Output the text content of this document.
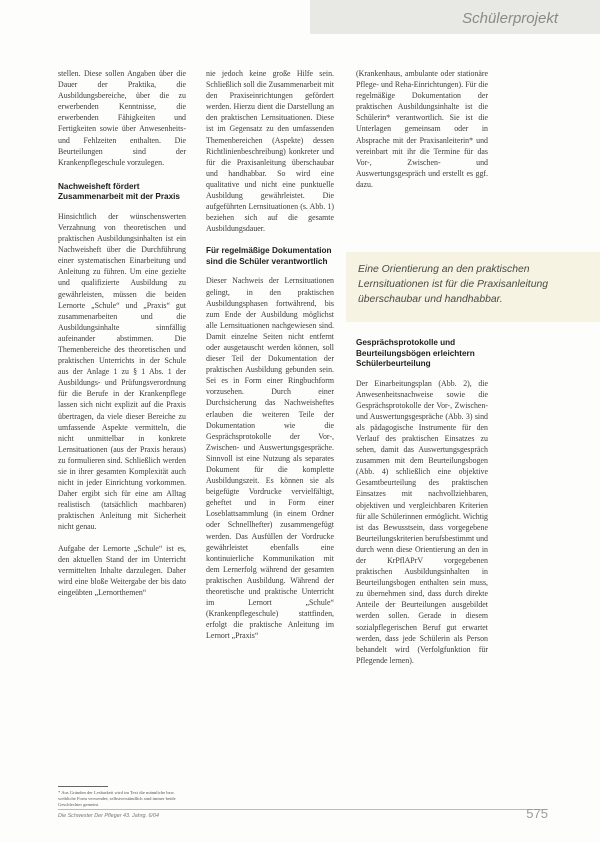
Schülerprojekt

stellen. Diese sollen Angaben über die Dauer der Praktika, die Ausbildungsbereiche, über die zu erwerbenden Kenntnisse, die erwerbenden Fähigkeiten und Fertigkeiten sowie über Anwesenheits- und Fehlzeiten enthalten. Die Beurteilungen sind der Krankenpflegeschule vorzulegen.

Nachweisheft fördert Zusammenarbeit mit der Praxis

Hinsichtlich der wünschenswerten Verzahnung von theoretischen und praktischen Ausbildungsinhalten ist ein Nachweisheft über die Durchführung einer systematischen Einarbeitung und Anleitung zu führen. Um eine gezielte und qualifizierte Ausbildung zu gewährleisten, müssen die beiden Lernorte „Schule“ und „Praxis“ gut zusammenarbeiten und die Ausbildungsinhalte sinnfällig aufeinander abstimmen. Die Themenbereiche des theoretischen und praktischen Unterrichts in der Schule aus der Anlage 1 zu § 1 Abs. 1 der Ausbildungs- und Prüfungsverordnung für die Berufe in der Krankenpflege lassen sich nicht explizit auf die Praxis übertragen, da viele dieser Bereiche zu umfassende Aspekte vermitteln, die nicht unmittelbar in konkrete Lernsituationen (aus der Praxis heraus) zu formulieren sind. Schließlich werden sie in ihrer gesamten Komplexität auch nicht in jeder Einrichtung vorkommen. Daher ergibt sich für eine am Alltag realistisch (tatsächlich machbaren) praktischen Anleitung mit Sicherheit nicht genau.

Aufgabe der Lernorte „Schule“ ist es, den aktuellen Stand der im Unterricht vermittelten Inhalte darzulegen. Daher wird eine bloße Weitergabe der bis dato eingeübten „Lernorthemen“

nie jedoch keine große Hilfe sein. Schließlich soll die Zusammenarbeit mit den Praxiseinrichtungen gefördert werden. Hierzu dient die Darstellung an den praktischen Lernsituationen. Diese ist im Gegensatz zu den umfassenden Themenbereichen (Aspekte) dessen Richtlinienbeschreibung) konkreter und für die Praxisanleitung überschaubar und handhabbar. So wird eine qualitative und nicht eine punktuelle Ausbildung gewährleistet. Die aufgeführten Lernsituationen (s. Abb. 1) beziehen sich auf die gesamte Ausbildungsdauer.

Für regelmäßige Dokumentation sind die Schüler verantwortlich

Dieser Nachweis der Lernsituationen gelingt, in den praktischen Ausbildungsphasen fortwährend, bis zum Ende der Ausbildung möglichst alle Lernsituationen nachgewiesen sind. Damit einzelne Seiten nicht entfernt oder ausgetauscht werden können, soll dieser Teil der Dokumentation der praktischen Ausbildung gebunden sein. Sei es in Form einer Ringbuchform vorzusehen. Durch einer Durchsicherung das Nachweisheftes erlauben die weiteren Teile der Dokumentation wie die Gesprächsprotokolle der Vor-, Zwischen- und Auswertungsgespräche. Sinnvoll ist eine Nutzung als separates Dokument für die komplette Ausbildungszeit. Es können sie als beigefügte Vordrucke vervielfältigt, geheftet und in Form einer Loseblattsammlung (in einem Ordner oder Schnellhefter) zusammengefügt werden. Das Ausfüllen der Vordrucke gewährleistet ebenfalls eine kontinuierliche Kommunikation mit dem Lernerfolg während der gesamten praktischen Ausbildung. Während der theoretische und praktische Unterricht im Lernort „Schule“ (Krankenpflegeschule) stattfinden, erfolgt die praktische Anleitung im Lernort „Praxis“

(Krankenhaus, ambulante oder stationäre Pflege- und Reha-Einrichtungen). Für die regelmäßige Dokumentation der praktischen Ausbildungsinhalte ist die Schülerin* verantwortlich. Sie ist die Unterlagen gemeinsam oder in Absprache mit der Praxisanleiterin* und vereinbart mit ihr die Termine für das Vor-, Zwischen- und Auswertungsgespräch und erstellt es ggf. dazu.

Eine Orientierung an den praktischen Lernsituationen ist für die Praxisanleitung überschaubar und handhabbar.
Gesprächsprotokolle und Beurteilungsbögen erleichtern Schülerbeurteilung

Der Einarbeitungsplan (Abb. 2), die Anwesenheitsnachweise sowie die Gesprächsprotokolle der Vor-, Zwischen- und Auswertungsgespräche (Abb. 3) sind als pädagogische Instrumente für den Verlauf des praktischen Einsatzes zu sehen, damit das Auswertungsgespräch zusammen mit dem Beurteilungsbogen (Abb. 4) schließlich eine objektive Gesamtbeurteilung des praktischen Einsatzes mit nachvollziehbaren, objektiven und vergleichbaren Kriterien für alle Schülerinnen ermöglicht. Wichtig ist das Bewusstsein, dass vorgegebene Beurteilungskriterien berufsbestimmt und durch wenn diese Orientierung an den in der KrPflAPrV vorgegebenen praktischen Ausbildungsinhalten in Beurteilungsbogen enthalten sein muss, zu übernehmen sind, dass durch direkte Anteile der Beurteilungen ausgebildet werden sollen. Gerade in diesem sozialpflegerischen Beruf gut erwartet werden, dass jede Schülerin als Person behandelt wird (Verfolgfunktion für Pflegende lernen).

* Aus Gründen der Lesbarkeit wird im Text die männliche bzw. weibliche Form verwendet; selbstverständlich sind immer beide Geschlechter gemeint.
Die Schwester Der Pfleger 43. Jahrg. 6/04	575
